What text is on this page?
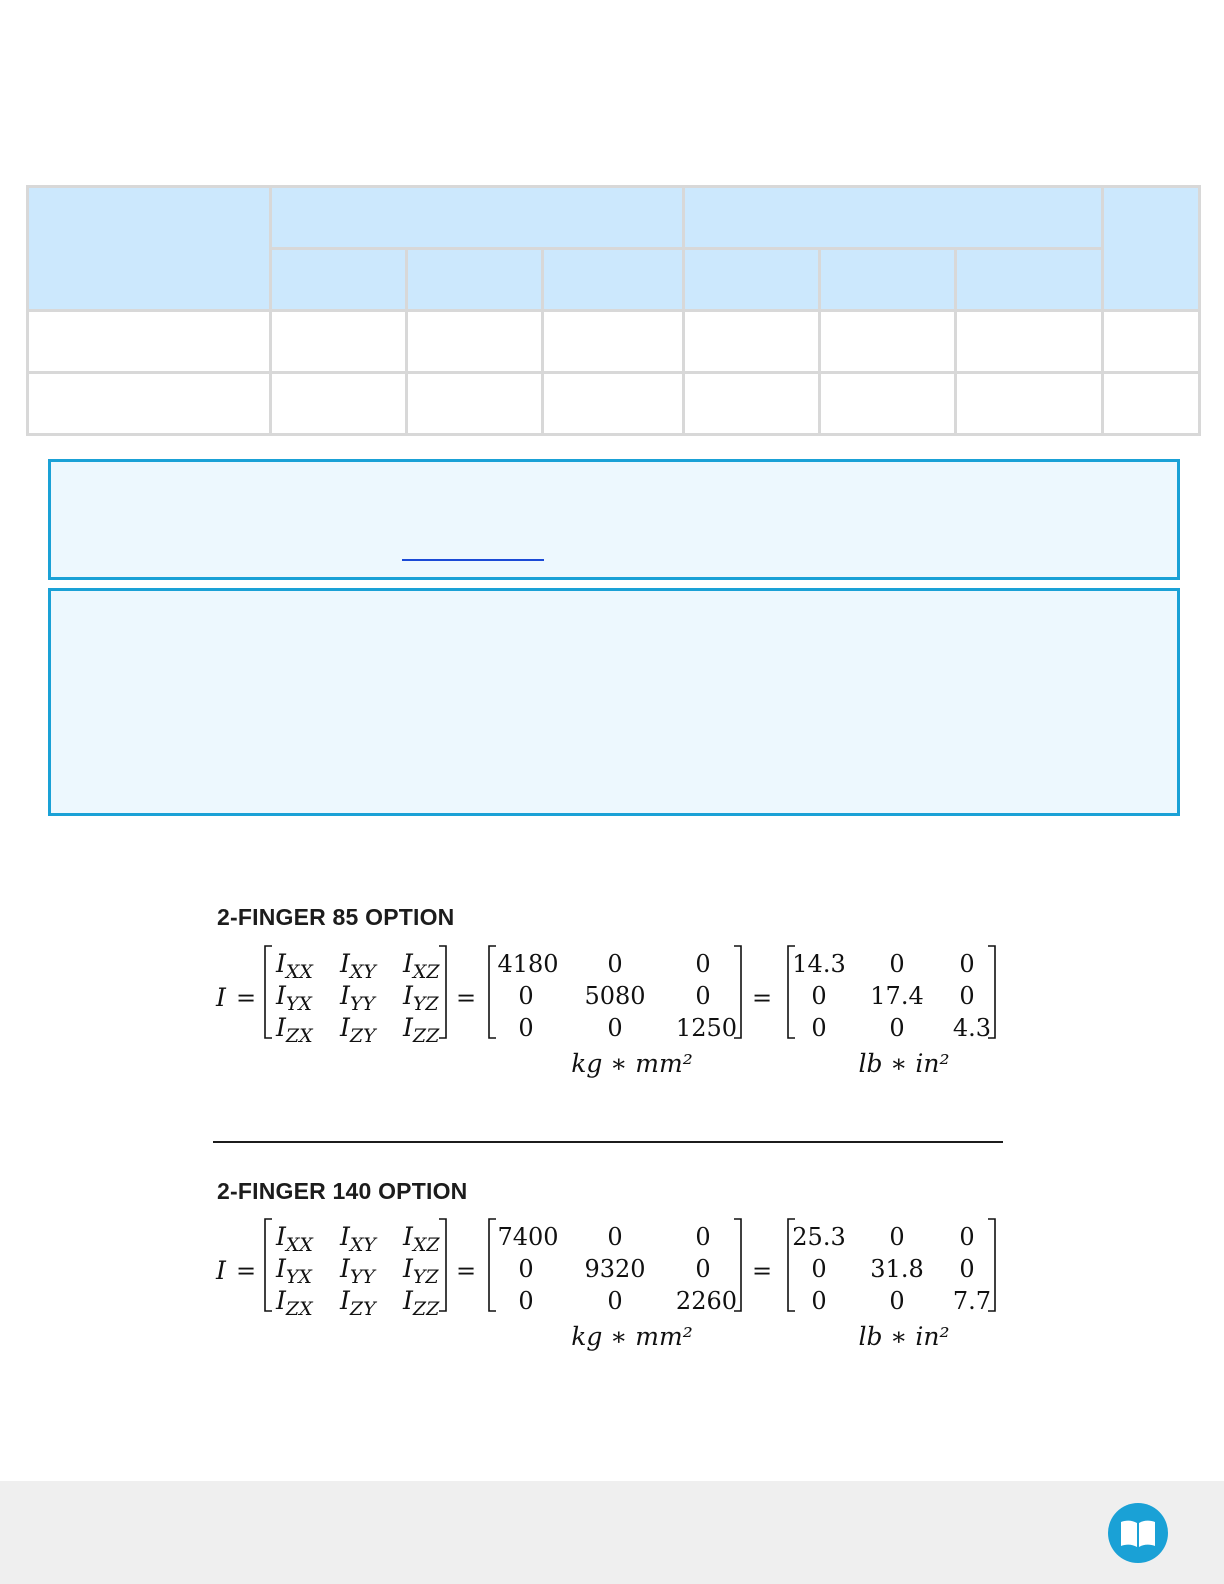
2-FINGER 85 OPTION
I =
$I_{XX}$ $I_{XY}$ $I_{XZ}$
$I_{YX}$ $I_{YY}$ $I_{YZ}$
$I_{ZX}$ $I_{ZY}$ $I_{ZZ}$
=
4180 0	0
0 5080 0
0	0 1250
kg ∗ mm²
=
14.3 0 0
0 17.4 0
0	0 4.3
lb ∗ in²
2-FINGER 140 OPTION
I =
$I_{XX}$ $I_{XY}$ $I_{XZ}$
$I_{YX}$ $I_{YY}$ $I_{YZ}$
$I_{ZX}$ $I_{ZY}$ $I_{ZZ}$
=
7400 0	0
0 9320 0
0	0 2260
kg ∗ mm²
=
25.3 0 0
0 31.8 0
0	0 7.7
lb ∗ in²
